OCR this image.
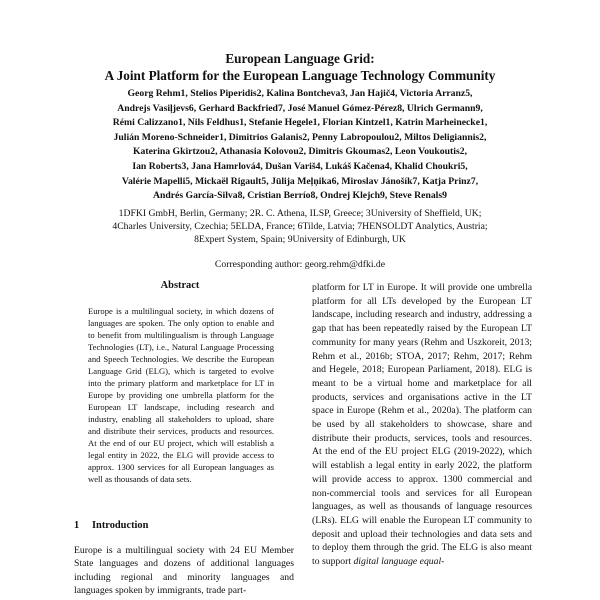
European Language Grid:
A Joint Platform for the European Language Technology Community
Georg Rehm1, Stelios Piperidis2, Kalina Bontcheva3, Jan Hajič4, Victoria Arranz5,
Andrejs Vasiļjevs6, Gerhard Backfried7, José Manuel Gómez-Pérez8, Ulrich Germann9,
Rémi Calizzano1, Nils Feldhus1, Stefanie Hegele1, Florian Kintzel1, Katrin Marheinecke1,
Julián Moreno-Schneider1, Dimitrios Galanis2, Penny Labropoulou2, Miltos Deligiannis2,
Katerina Gkirtzou2, Athanasia Kolovou2, Dimitris Gkoumas2, Leon Voukoutis2,
Ian Roberts3, Jana Hamrlová4, Dušan Variš4, Lukáš Kačena4, Khalid Choukri5,
Valérie Mapelli5, Mickaël Rigault5, Jūlija Meļņika6, Miroslav Jánošík7, Katja Prinz7,
Andrés García-Silva8, Cristian Berrío8, Ondrej Klejch9, Steve Renals9
1DFKI GmbH, Berlin, Germany; 2R. C. Athena, ILSP, Greece; 3University of Sheffield, UK;
4Charles University, Czechia; 5ELDA, France; 6Tilde, Latvia; 7HENSOLDT Analytics, Austria;
8Expert System, Spain; 9University of Edinburgh, UK
Corresponding author: georg.rehm@dfki.de
Abstract
Europe is a multilingual society, in which dozens of languages are spoken. The only option to enable and to benefit from multilingualism is through Language Technologies (LT), i.e., Natural Language Processing and Speech Technologies. We describe the European Language Grid (ELG), which is targeted to evolve into the primary platform and marketplace for LT in Europe by providing one umbrella platform for the European LT landscape, including research and industry, enabling all stakeholders to upload, share and distribute their services, products and resources. At the end of our EU project, which will establish a legal entity in 2022, the ELG will provide access to approx. 1300 services for all European languages as well as thousands of data sets.
1 Introduction
Europe is a multilingual society with 24 EU Member State languages and dozens of additional languages including regional and minority languages and languages spoken by immigrants, trade part-
platform for LT in Europe. It will provide one umbrella platform for all LTs developed by the European LT landscape, including research and industry, addressing a gap that has been repeatedly raised by the European LT community for many years (Rehm and Uszkoreit, 2013; Rehm et al., 2016b; STOA, 2017; Rehm, 2017; Rehm and Hegele, 2018; European Parliament, 2018). ELG is meant to be a virtual home and marketplace for all products, services and organisations active in the LT space in Europe (Rehm et al., 2020a). The platform can be used by all stakeholders to showcase, share and distribute their products, services, tools and resources. At the end of the EU project ELG (2019-2022), which will establish a legal entity in early 2022, the platform will provide access to approx. 1300 commercial and non-commercial tools and services for all European languages, as well as thousands of language resources (LRs). ELG will enable the European LT community to deposit and upload their technologies and data sets and to deploy them through the grid. The ELG is also meant to support digital language equal-
